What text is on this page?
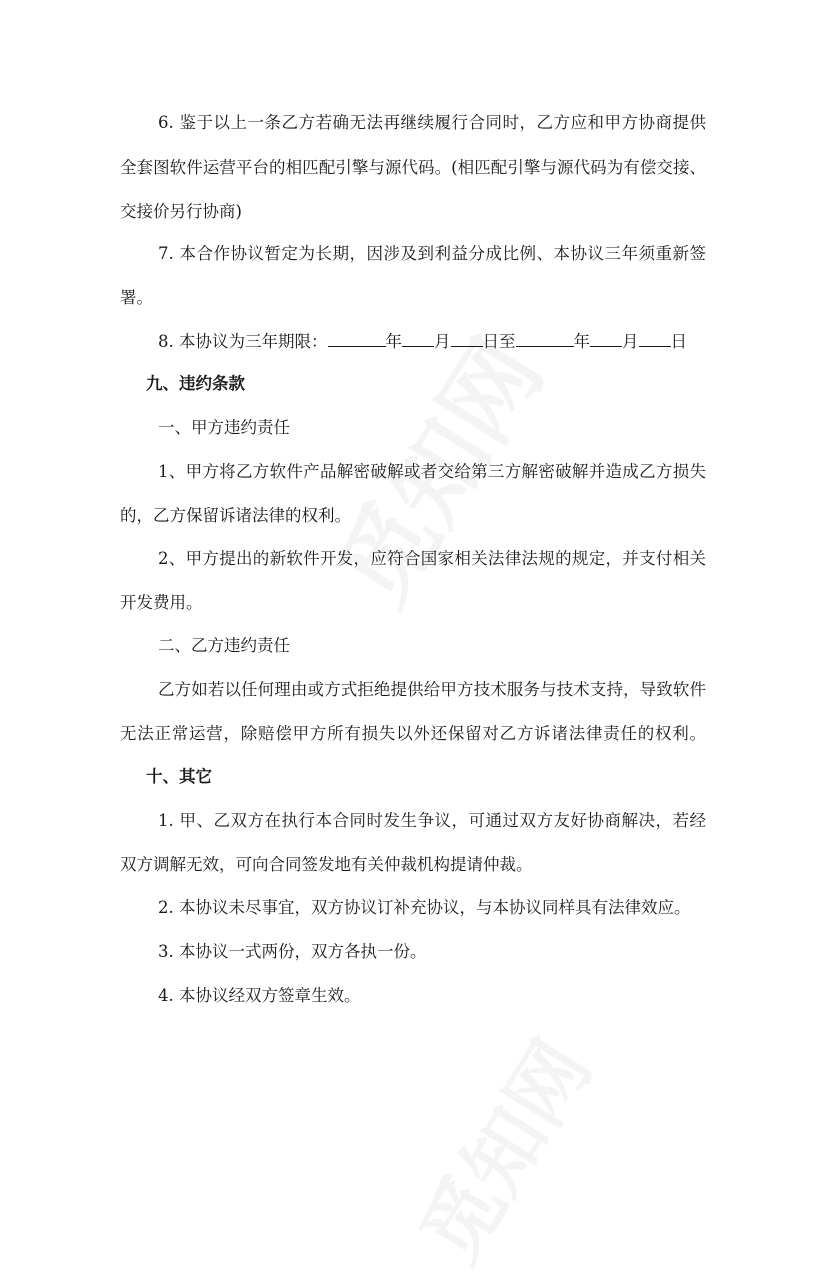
6. 鉴于以上一条乙方若确无法再继续履行合同时，乙方应和甲方协商提供
全套图软件运营平台的相匹配引擎与源代码。(相匹配引擎与源代码为有偿交接、
交接价另行协商)
7. 本合作协议暂定为长期，因涉及到利益分成比例、本协议三年须重新签
署。
8. 本协议为三年期限：	年 月 日至	年 月 日
九、违约条款
一、甲方违约责任
1、甲方将乙方软件产品解密破解或者交给第三方解密破解并造成乙方损失
的，乙方保留诉诸法律的权利。
2、甲方提出的新软件开发，应符合国家相关法律法规的规定，并支付相关
开发费用。
二、乙方违约责任
乙方如若以任何理由或方式拒绝提供给甲方技术服务与技术支持，导致软件
无法正常运营，除赔偿甲方所有损失以外还保留对乙方诉诸法律责任的权利。
十、其它
1. 甲、乙双方在执行本合同时发生争议，可通过双方友好协商解决，若经
双方调解无效，可向合同签发地有关仲裁机构提请仲裁。
2. 本协议未尽事宜，双方协议订补充协议，与本协议同样具有法律效应。
3. 本协议一式两份，双方各执一份。
4. 本协议经双方签章生效。
